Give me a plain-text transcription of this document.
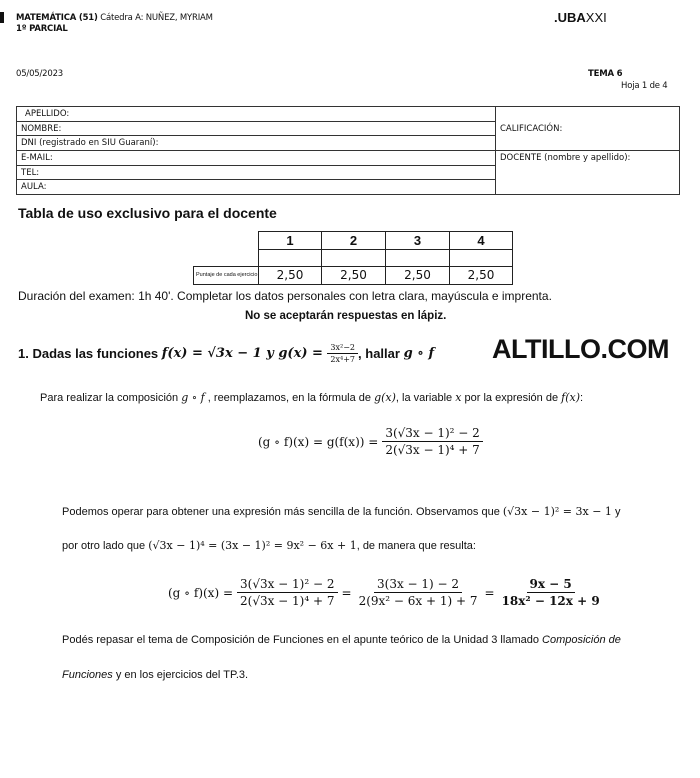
MATEMÁTICA (51) Cátedra A: NUÑEZ, MYRIAM
1º PARCIAL
.UBAXXI
05/05/2023	TEMA 6
Hoja 1 de 4
APELLIDO:	CALIFICACIÓN:
NOMBRE:	
DNI (registrado en SIU Guaraní):	
E-MAIL:	DOCENTE (nombre y apellido):
TEL:	
AULA:	
Tabla de uso exclusivo para el docente
	1	2	3	4

Puntaje de cada ejercicio	2,50	2,50	2,50	2,50
Duración del examen: 1h 40'. Completar los datos personales con letra clara, mayúscula e imprenta.
No se aceptarán respuestas en lápiz.
1. Dadas las funciones
f(x) = √3x − 1 y $g(x) = \frac{\text{3x²−2}}{\text{2x⁴+7}}$ , hallar g ∘ f ALTILLO.COM
Para realizar la composición g ∘ f , reemplazamos, en la fórmula de g(x), la variable x por la expresión de f(x):
(g ∘ $f)(x) = g(f(x)) = \frac{\text{3(√3x − 1)² − 2}}{\text{2(√3x − 1)⁴ + 7}}$
Podemos operar para obtener una expresión más sencilla de la función. Observamos que (√3x − 1)² = 3x − 1 y
por otro lado que (√3x − 1)⁴ = (3x − 1)² = 9x² − 6x + 1, de manera que resulta:
(g ∘ $f)(x) = \frac{\text{3(√3x − 1)² − 2}}{\text{2(√3x − 1)⁴ + 7}} = \frac{3(3x - 1) - 2}{\text{2(9x² − 6x + 1) + 7}} = \frac{9x - 5}{\text{18x² − 12x + 9}}$
Podés repasar el tema de Composición de Funciones en el apunte teórico de la Unidad 3 llamado Composición de
Funciones y en los ejercicios del TP.3.
